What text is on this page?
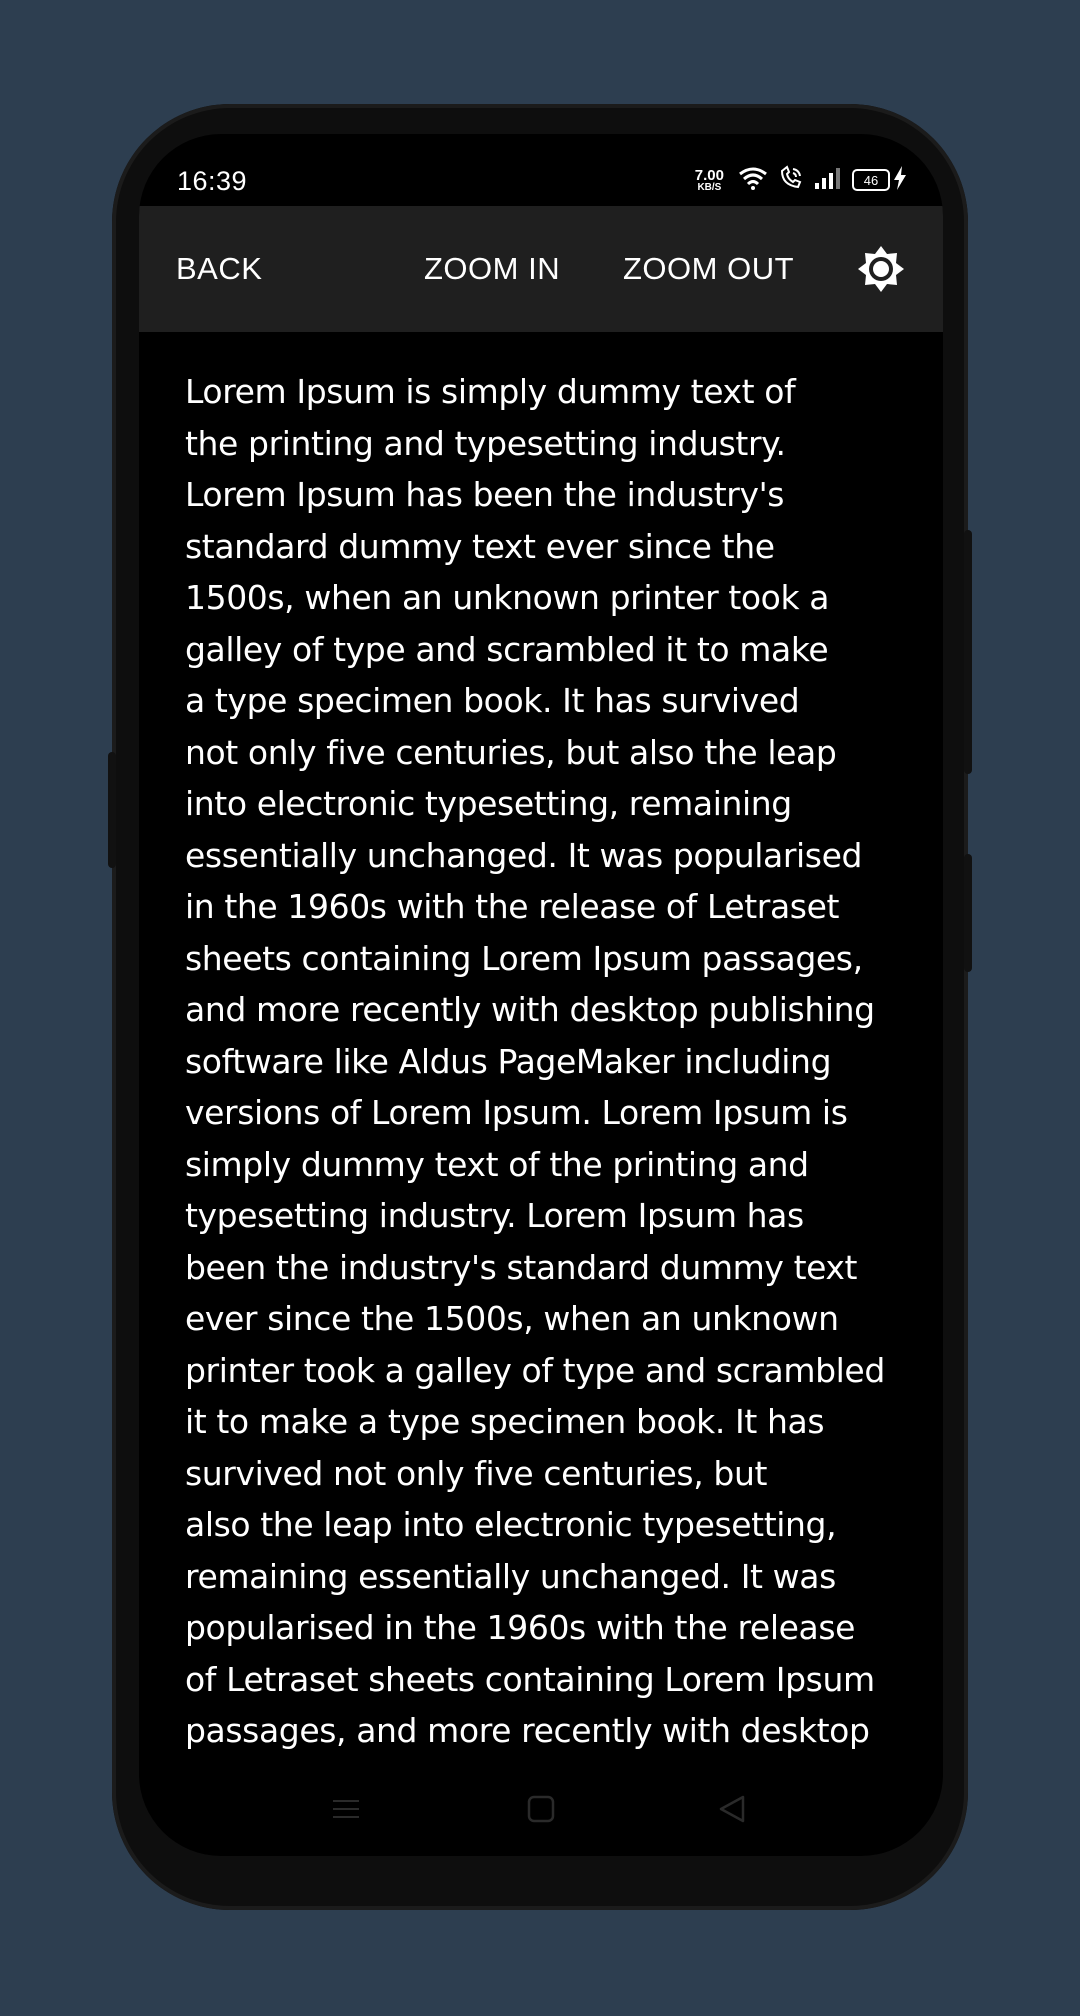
16:39	7.00
KB/S	46
BACK	ZOOM IN ZOOM OUT
Lorem Ipsum is simply dummy text of
the printing and typesetting industry.
Lorem Ipsum has been the industry's
standard dummy text ever since the
1500s, when an unknown printer took a
galley of type and scrambled it to make
a type specimen book. It has survived
not only five centuries, but also the leap
into electronic typesetting, remaining
essentially unchanged. It was popularised
in the 1960s with the release of Letraset
sheets containing Lorem Ipsum passages,
and more recently with desktop publishing
software like Aldus PageMaker including
versions of Lorem Ipsum. Lorem Ipsum is
simply dummy text of the printing and
typesetting industry. Lorem Ipsum has
been the industry's standard dummy text
ever since the 1500s, when an unknown
printer took a galley of type and scrambled
it to make a type specimen book. It has
survived not only five centuries, but
also the leap into electronic typesetting,
remaining essentially unchanged. It was
popularised in the 1960s with the release
of Letraset sheets containing Lorem Ipsum
passages, and more recently with desktop
